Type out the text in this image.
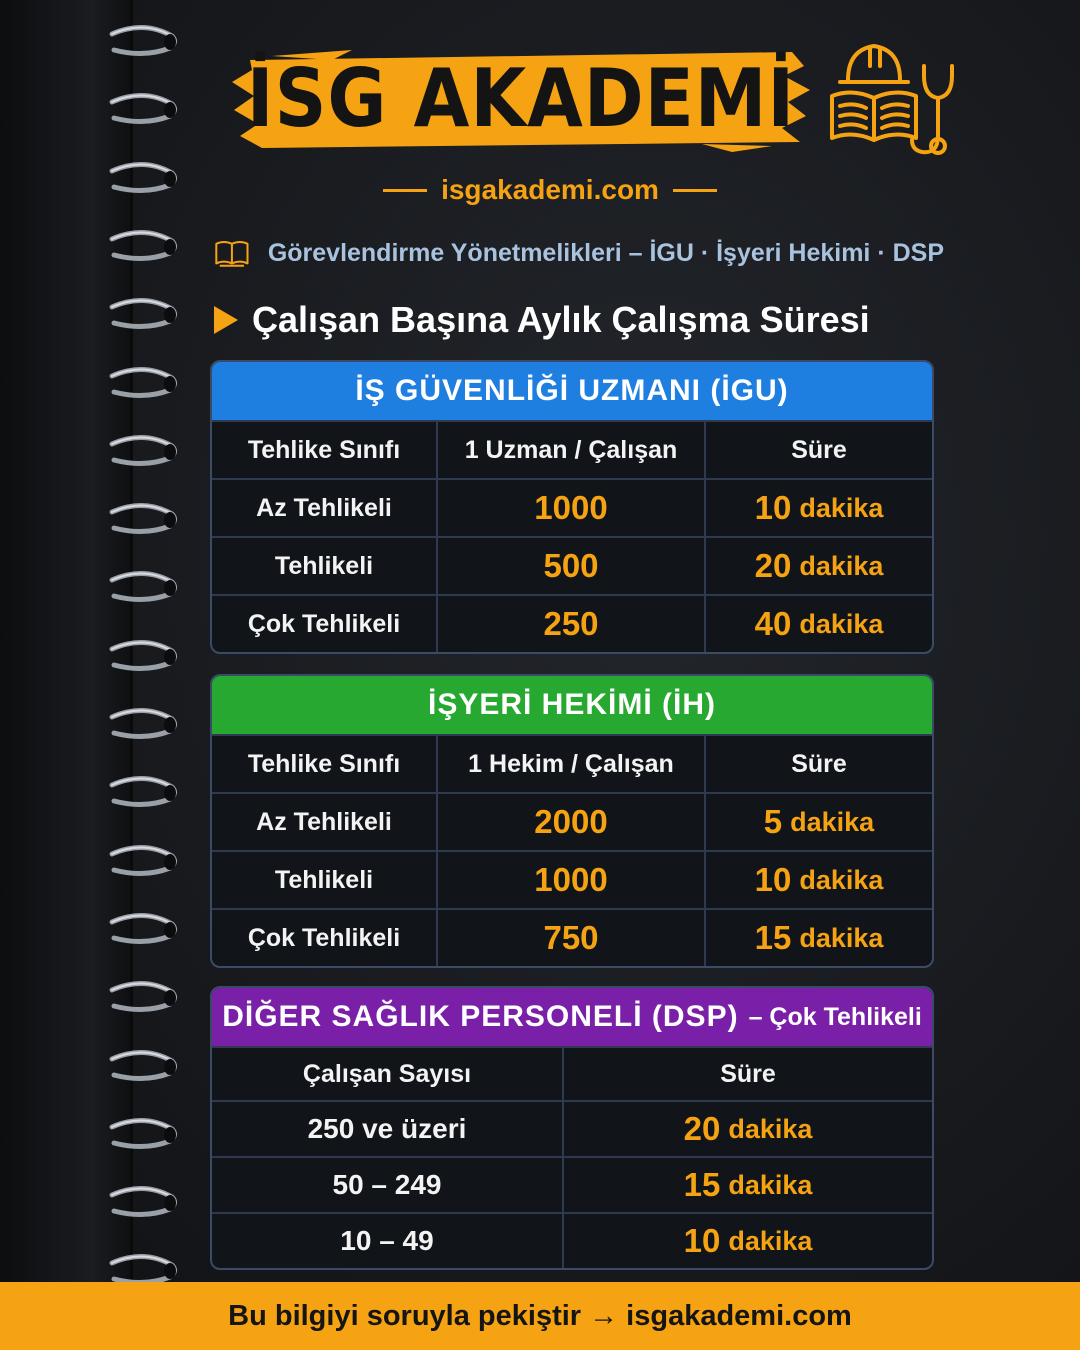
İSG AKADEMİ
isgakademi.com
Görevlendirme Yönetmelikleri – İGU · İşyeri Hekimi · DSP
Çalışan Başına Aylık Çalışma Süresi
İŞ GÜVENLİĞİ UZMANI (İGU)
Tehlike Sınıfı	1 Uzman / Çalışan	Süre
Az Tehlikeli	1000	10 dakika
Tehlikeli	500	20 dakika
Çok Tehlikeli	250	40 dakika
İŞYERİ HEKİMİ (İH)
Tehlike Sınıfı	1 Hekim / Çalışan	Süre
Az Tehlikeli	2000	5 dakika
Tehlikeli	1000	10 dakika
Çok Tehlikeli	750	15 dakika
DİĞER SAĞLIK PERSONELİ (DSP) – Çok Tehlikeli
Çalışan Sayısı	Süre
250 ve üzeri	20 dakika
50 – 249	15 dakika
10 – 49	10 dakika
Bu bilgiyi soruyla pekiştir → isgakademi.com
